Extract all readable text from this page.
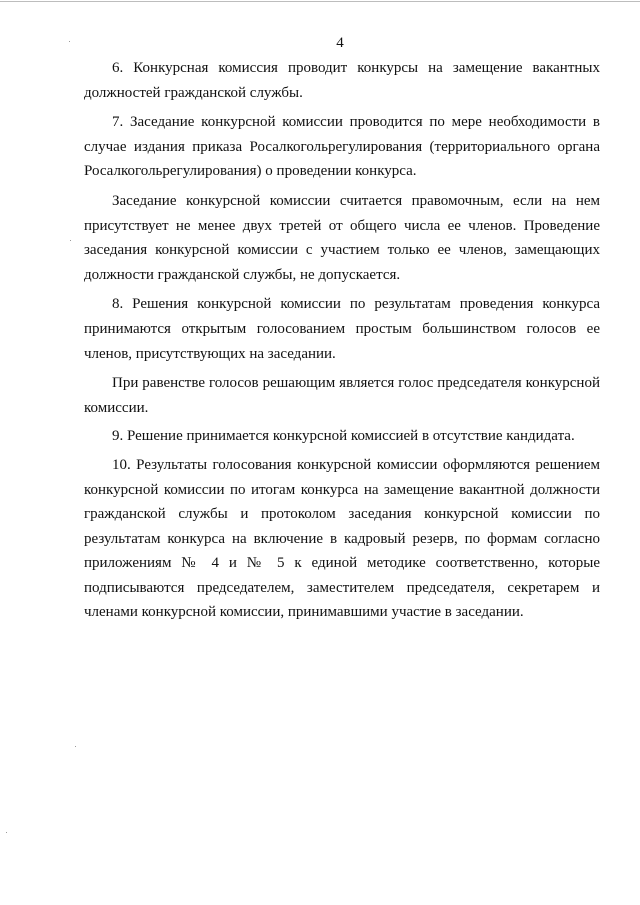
4

6. Конкурсная комиссия проводит конкурсы на замещение вакантных должностей гражданской службы.

7. Заседание конкурсной комиссии проводится по мере необходимости в случае издания приказа Росалкогольрегулирования (территориального органа Росалкогольрегулирования) о проведении конкурса.

Заседание конкурсной комиссии считается правомочным, если на нем присутствует не менее двух третей от общего числа ее членов. Проведение заседания конкурсной комиссии с участием только ее членов, замещающих должности гражданской службы, не допускается.

8. Решения конкурсной комиссии по результатам проведения конкурса принимаются открытым голосованием простым большинством голосов ее членов, присутствующих на заседании.

При равенстве голосов решающим является голос председателя конкурсной комиссии.

9. Решение принимается конкурсной комиссией в отсутствие кандидата.

10. Результаты голосования конкурсной комиссии оформляются решением конкурсной комиссии по итогам конкурса на замещение вакантной должности гражданской службы и протоколом заседания конкурсной комиссии по результатам конкурса на включение в кадровый резерв, по формам согласно приложениям № 4 и № 5 к единой методике соответственно, которые подписываются председателем, заместителем председателя, секретарем и членами конкурсной комиссии, принимавшими участие в заседании.
